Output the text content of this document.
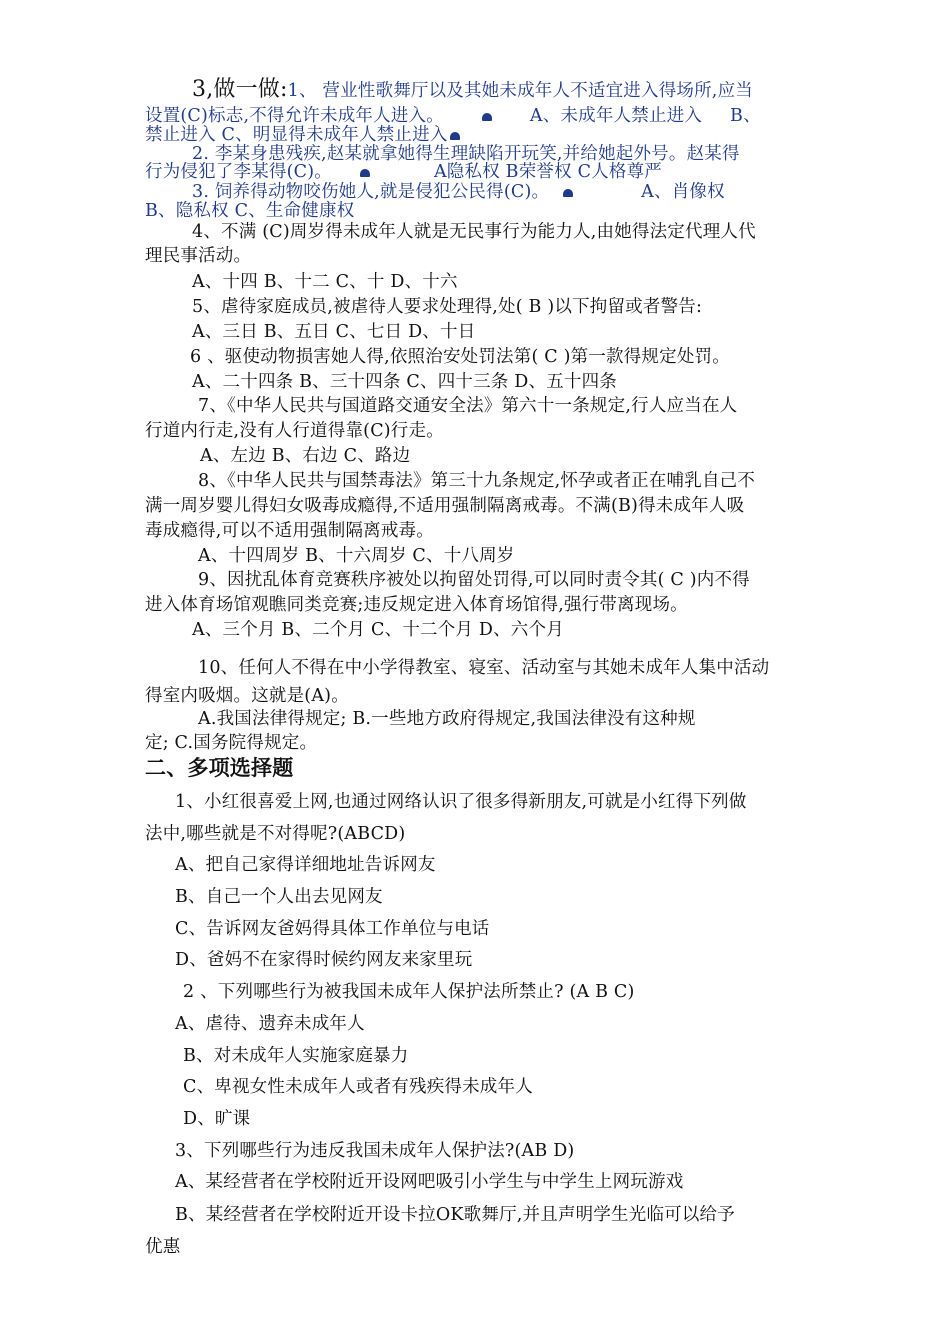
3,做一做:1、 营业性歌舞厅以及其她未成年人不适宜进入得场所,应当
设置(C)标志,不得允许未成年人进入。	A、未成年人禁止进入 B、
禁止进入 C、明显得未成年人禁止进入
2. 李某身患残疾,赵某就拿她得生理缺陷开玩笑,并给她起外号。赵某得
行为侵犯了李某得(C)。	A隐私权 B荣誉权 C人格尊严
3. 饲养得动物咬伤她人,就是侵犯公民得(C)。	A、肖像权
B、隐私权 C、生命健康权
4、不满 (C)周岁得未成年人就是无民事行为能力人,由她得法定代理人代
理民事活动。
A、十四 B、十二 C、十 D、十六
5、虐待家庭成员,被虐待人要求处理得,处( B )以下拘留或者警告:
A、三日 B、五日 C、七日 D、十日
6 、驱使动物损害她人得,依照治安处罚法第( C )第一款得规定处罚。
A、二十四条 B、三十四条 C、四十三条 D、五十四条
7、《中华人民共与国道路交通安全法》第六十一条规定,行人应当在人
行道内行走,没有人行道得靠(C)行走。
A、左边 B、右边 C、路边
8、《中华人民共与国禁毒法》第三十九条规定,怀孕或者正在哺乳自己不
满一周岁婴儿得妇女吸毒成瘾得,不适用强制隔离戒毒。不满(B)得未成年人吸
毒成瘾得,可以不适用强制隔离戒毒。
A、十四周岁 B、十六周岁 C、十八周岁
9、因扰乱体育竞赛秩序被处以拘留处罚得,可以同时责令其( C )内不得
进入体育场馆观瞧同类竞赛;违反规定进入体育场馆得,强行带离现场。
A、三个月 B、二个月 C、十二个月 D、六个月
10、任何人不得在中小学得教室、寝室、活动室与其她未成年人集中活动
得室内吸烟。这就是(A)。
A.我国法律得规定; B.一些地方政府得规定,我国法律没有这种规
定; C.国务院得规定。
二、多项选择题
1、小红很喜爱上网,也通过网络认识了很多得新朋友,可就是小红得下列做
法中,哪些就是不对得呢?(ABCD)
A、把自己家得详细地址告诉网友
B、自己一个人出去见网友
C、告诉网友爸妈得具体工作单位与电话
D、爸妈不在家得时候约网友来家里玩
2 、下列哪些行为被我国未成年人保护法所禁止? (A B C)
A、虐待、遗弃未成年人
B、对未成年人实施家庭暴力
C、卑视女性未成年人或者有残疾得未成年人
D、旷课
3、下列哪些行为违反我国未成年人保护法?(AB D)
A、某经营者在学校附近开设网吧吸引小学生与中学生上网玩游戏
B、某经营者在学校附近开设卡拉OK歌舞厅,并且声明学生光临可以给予
优惠
